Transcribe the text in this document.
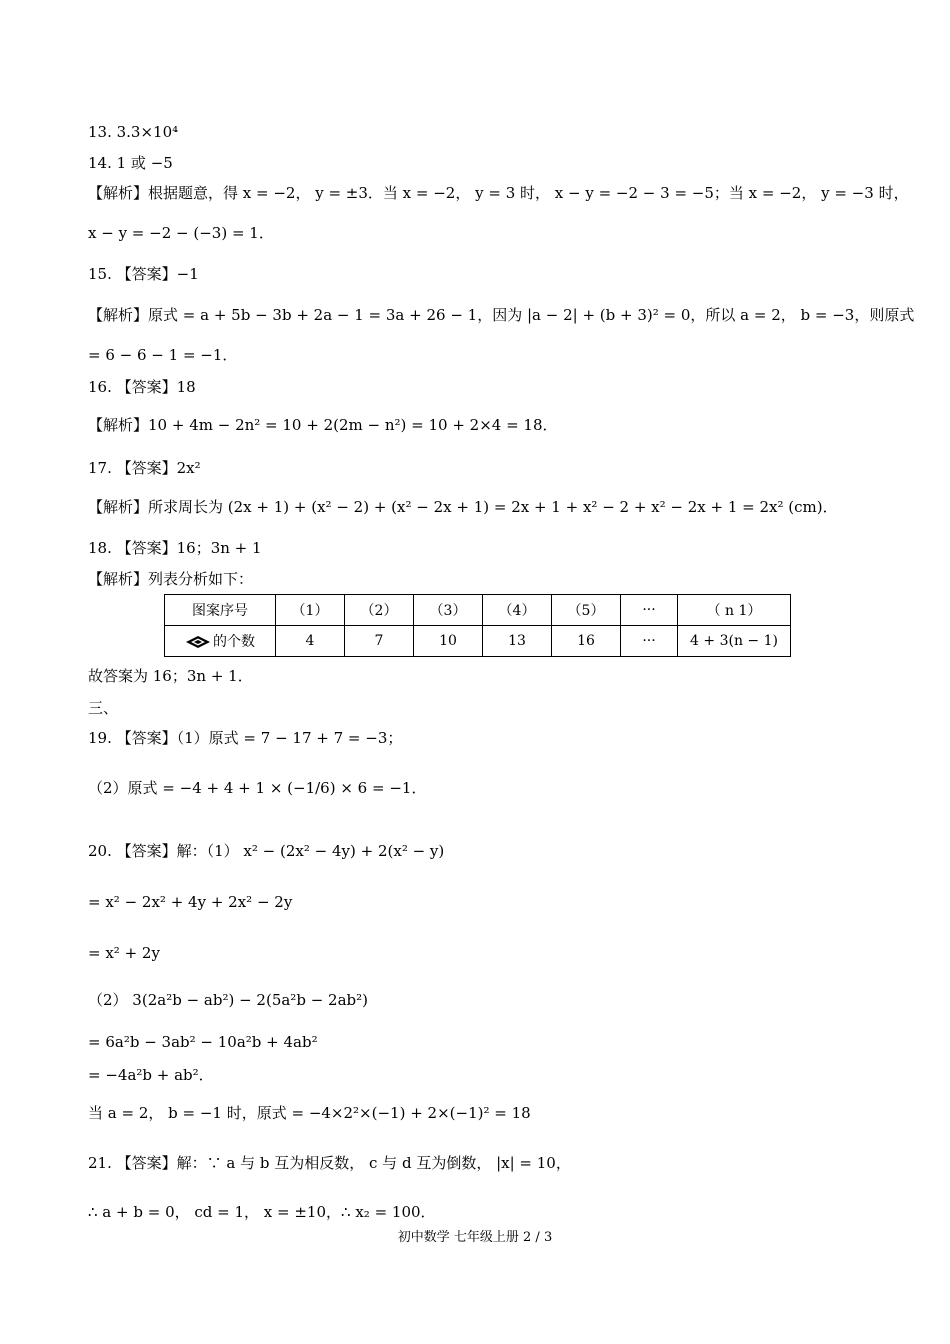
13. 3.3×10⁴
14. 1 或 −5
【解析】根据题意，得 x = −2， y = ±3．当 x = −2， y = 3 时， x − y = −2 − 3 = −5；当 x = −2， y = −3 时，
x − y = −2 − (−3) = 1．
15. 【答案】−1
【解析】原式 = a + 5b − 3b + 2a − 1 = 3a + 26 − 1，因为 |a − 2| + (b + 3)² = 0，所以 a = 2， b = −3，则原式
= 6 − 6 − 1 = −1．
16. 【答案】18
【解析】10 + 4m − 2n² = 10 + 2(2m − n²) = 10 + 2×4 = 18．
17. 【答案】2x²
【解析】所求周长为 (2x + 1) + (x² − 2) + (x² − 2x + 1) = 2x + 1 + x² − 2 + x² − 2x + 1 = 2x² (cm)．
18. 【答案】16；3n + 1
【解析】列表分析如下：
图案序号	（1）	（2）	（3）	（4）	（5）	···	（ n 1）
的个数	4	7	10	13	16	···	4 + 3(n − 1)
故答案为 16；3n + 1．
三、
19. 【答案】（1）原式 = 7 − 17 + 7 = −3；
（2）原式 = −4 + 4 + 1 × (−1/6) × 6 = −1．
20. 【答案】解：（1） x² − (2x² − 4y) + 2(x² − y)
= x² − 2x² + 4y + 2x² − 2y
= x² + 2y
（2） 3(2a²b − ab²) − 2(5a²b − 2ab²)
= 6a²b − 3ab² − 10a²b + 4ab²
= −4a²b + ab²．
当 a = 2， b = −1 时，原式 = −4×2²×(−1) + 2×(−1)² = 18
21. 【答案】解：∵ a 与 b 互为相反数， c 与 d 互为倒数， |x| = 10，
∴ a + b = 0， cd = 1， x = ±10，∴ x₂ = 100．
初中数学 七年级上册 2 / 3
